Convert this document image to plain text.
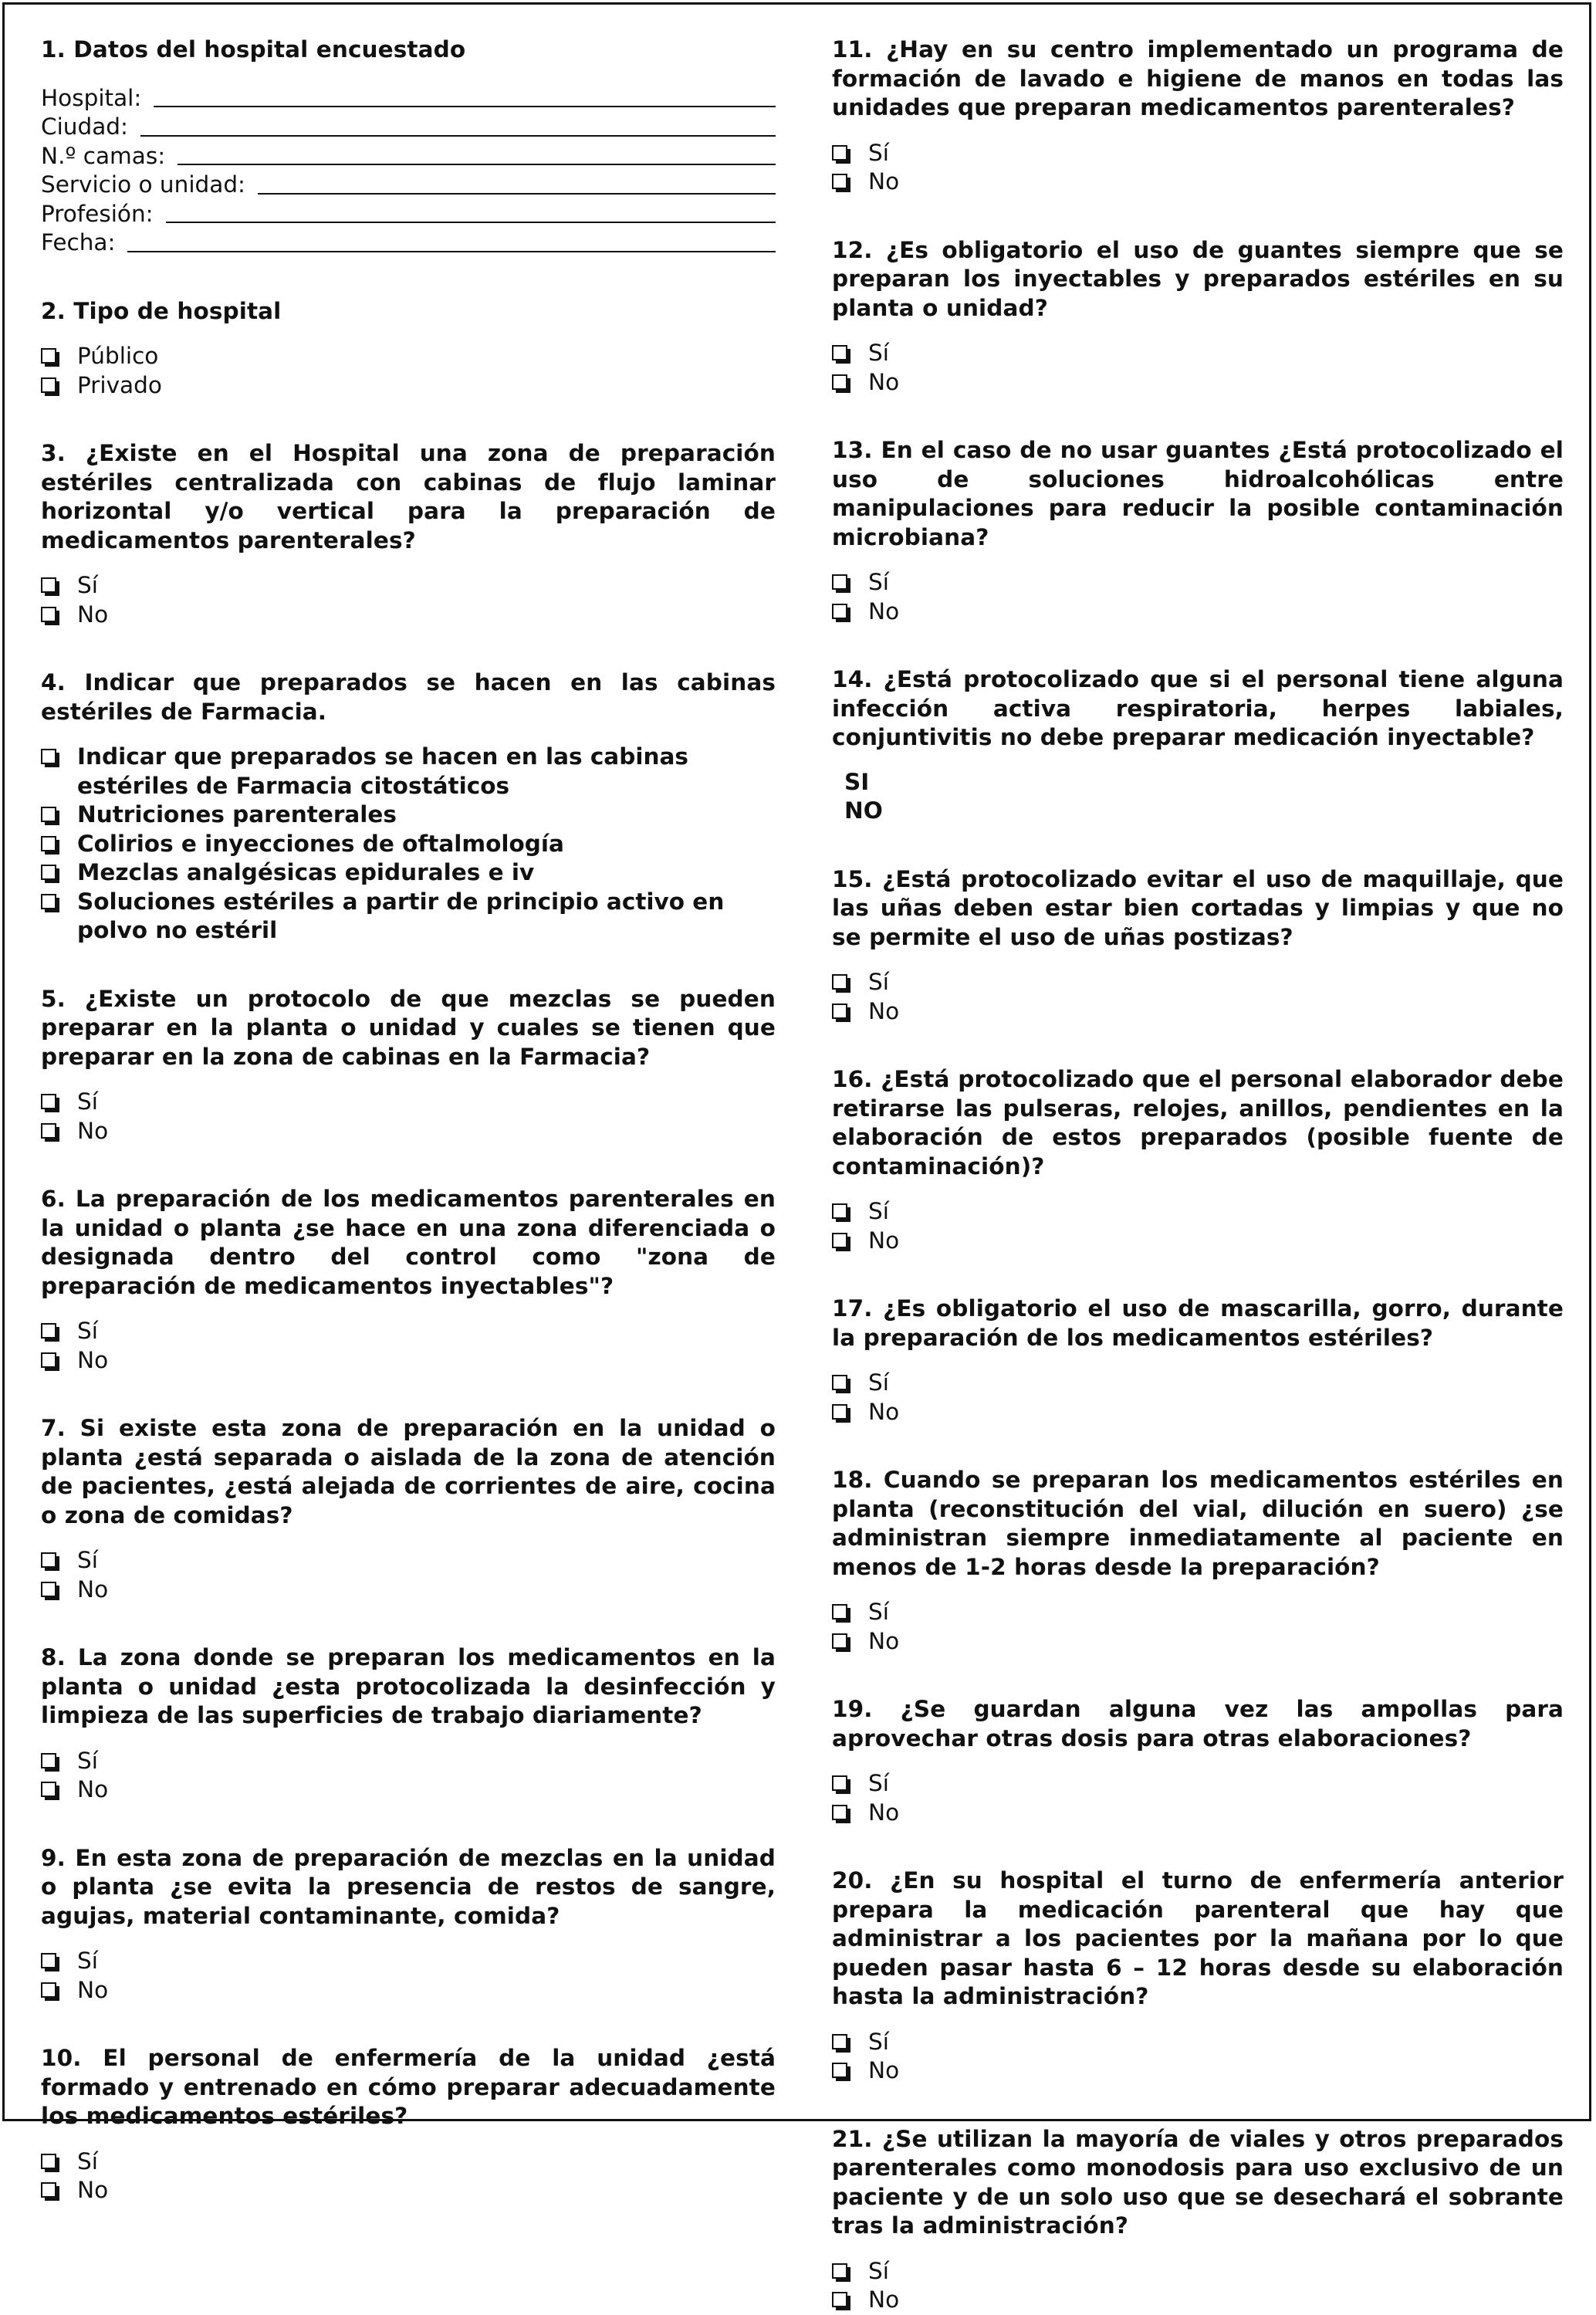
1. Datos del hospital encuestado
Hospital:
Ciudad:
N.º camas:
Servicio o unidad:
Profesión:
Fecha:
2. Tipo de hospital
Público
Privado
3. ¿Existe en el Hospital una zona de preparación estériles centralizada con cabinas de flujo laminar horizontal y/o vertical para la preparación de medicamentos parenterales?
Sí
No
4. Indicar que preparados se hacen en las cabinas estériles de Farmacia.
Indicar que preparados se hacen en las cabinas estériles de Farmacia citostáticos
Nutriciones parenterales
Colirios e inyecciones de oftalmología
Mezclas analgésicas epidurales e iv
Soluciones estériles a partir de principio activo en polvo no estéril
5. ¿Existe un protocolo de que mezclas se pueden preparar en la planta o unidad y cuales se tienen que preparar en la zona de cabinas en la Farmacia?
Sí
No
6. La preparación de los medicamentos parenterales en la unidad o planta ¿se hace en una zona diferenciada o designada dentro del control como "zona de preparación de medicamentos inyectables"?
Sí
No
7. Si existe esta zona de preparación en la unidad o planta ¿está separada o aislada de la zona de atención de pacientes, ¿está alejada de corrientes de aire, cocina o zona de comidas?
Sí
No
8. La zona donde se preparan los medicamentos en la planta o unidad ¿esta protocolizada la desinfección y limpieza de las superficies de trabajo diariamente?
Sí
No
9. En esta zona de preparación de mezclas en la unidad o planta ¿se evita la presencia de restos de sangre, agujas, material contaminante, comida?
Sí
No
10. El personal de enfermería de la unidad ¿está formado y entrenado en cómo preparar adecuadamente los medicamentos estériles?
Sí
No
11. ¿Hay en su centro implementado un programa de formación de lavado e higiene de manos en todas las unidades que preparan medicamentos parenterales?
Sí
No
12. ¿Es obligatorio el uso de guantes siempre que se preparan los inyectables y preparados estériles en su planta o unidad?
Sí
No
13. En el caso de no usar guantes ¿Está protocolizado el uso de soluciones hidroalcohólicas entre manipulaciones para reducir la posible contaminación microbiana?
Sí
No
14. ¿Está protocolizado que si el personal tiene alguna infección activa respiratoria, herpes labiales, conjuntivitis no debe preparar medicación inyectable?
SI
NO
15. ¿Está protocolizado evitar el uso de maquillaje, que las uñas deben estar bien cortadas y limpias y que no se permite el uso de uñas postizas?
Sí
No
16. ¿Está protocolizado que el personal elaborador debe retirarse las pulseras, relojes, anillos, pendientes en la elaboración de estos preparados (posible fuente de contaminación)?
Sí
No
17. ¿Es obligatorio el uso de mascarilla, gorro, durante la preparación de los medicamentos estériles?
Sí
No
18. Cuando se preparan los medicamentos estériles en planta (reconstitución del vial, dilución en suero) ¿se administran siempre inmediatamente al paciente en menos de 1-2 horas desde la preparación?
Sí
No
19. ¿Se guardan alguna vez las ampollas para aprovechar otras dosis para otras elaboraciones?
Sí
No
20. ¿En su hospital el turno de enfermería anterior prepara la medicación parenteral que hay que administrar a los pacientes por la mañana por lo que pueden pasar hasta 6 – 12 horas desde su elaboración hasta la administración?
Sí
No
21. ¿Se utilizan la mayoría de viales y otros preparados parenterales como monodosis para uso exclusivo de un paciente y de un solo uso que se desechará el sobrante tras la administración?
Sí
No
